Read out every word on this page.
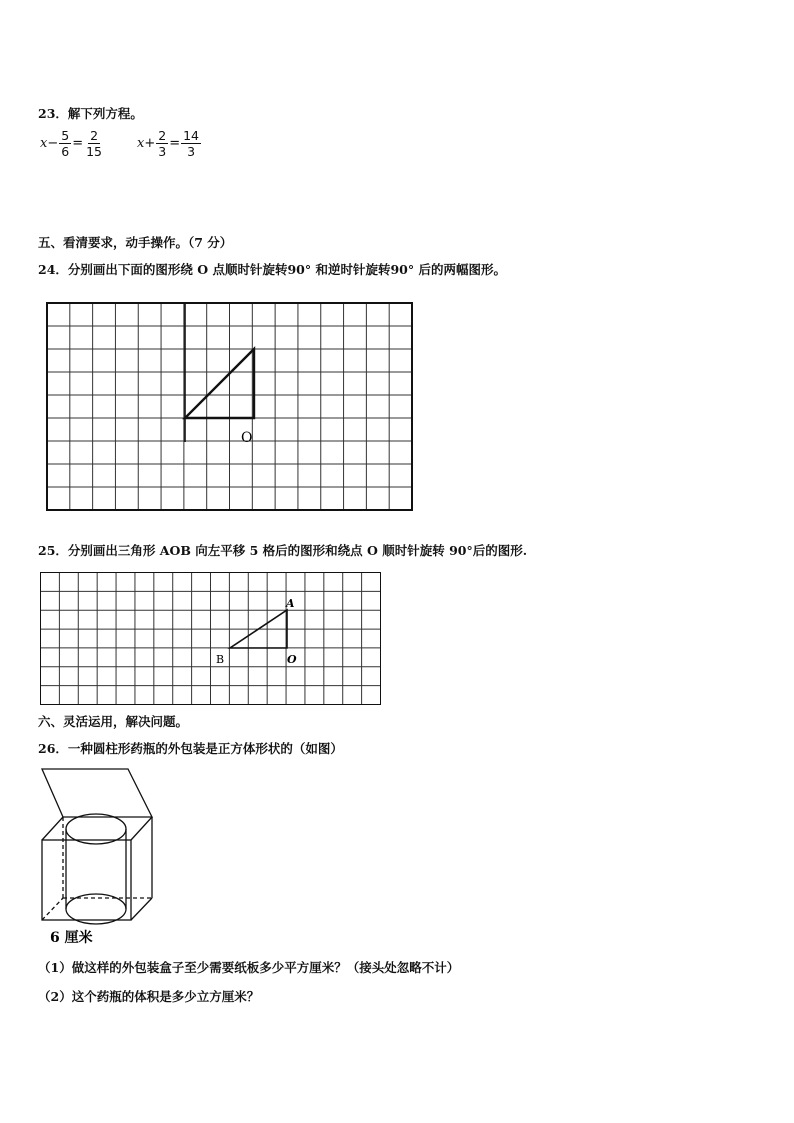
23．解下列方程。
$x- \frac{5}{6} = \frac{2}{15}$	$x+ \frac{2}{3} = \frac{14}{3}$
五、看清要求，动手操作。（7 分）
24．分别画出下面的图形绕 O 点顺时针旋转90° 和逆时针旋转90° 后的两幅图形。
O
25．分别画出三角形 AOB 向左平移 5 格后的图形和绕点 O 顺时针旋转 90°后的图形.
A
B	O
六、灵活运用，解决问题。
26．一种圆柱形药瓶的外包装是正方体形状的（如图）
6 厘米
（1）做这样的外包装盒子至少需要纸板多少平方厘米？（接头处忽略不计）
（2）这个药瓶的体积是多少立方厘米？
